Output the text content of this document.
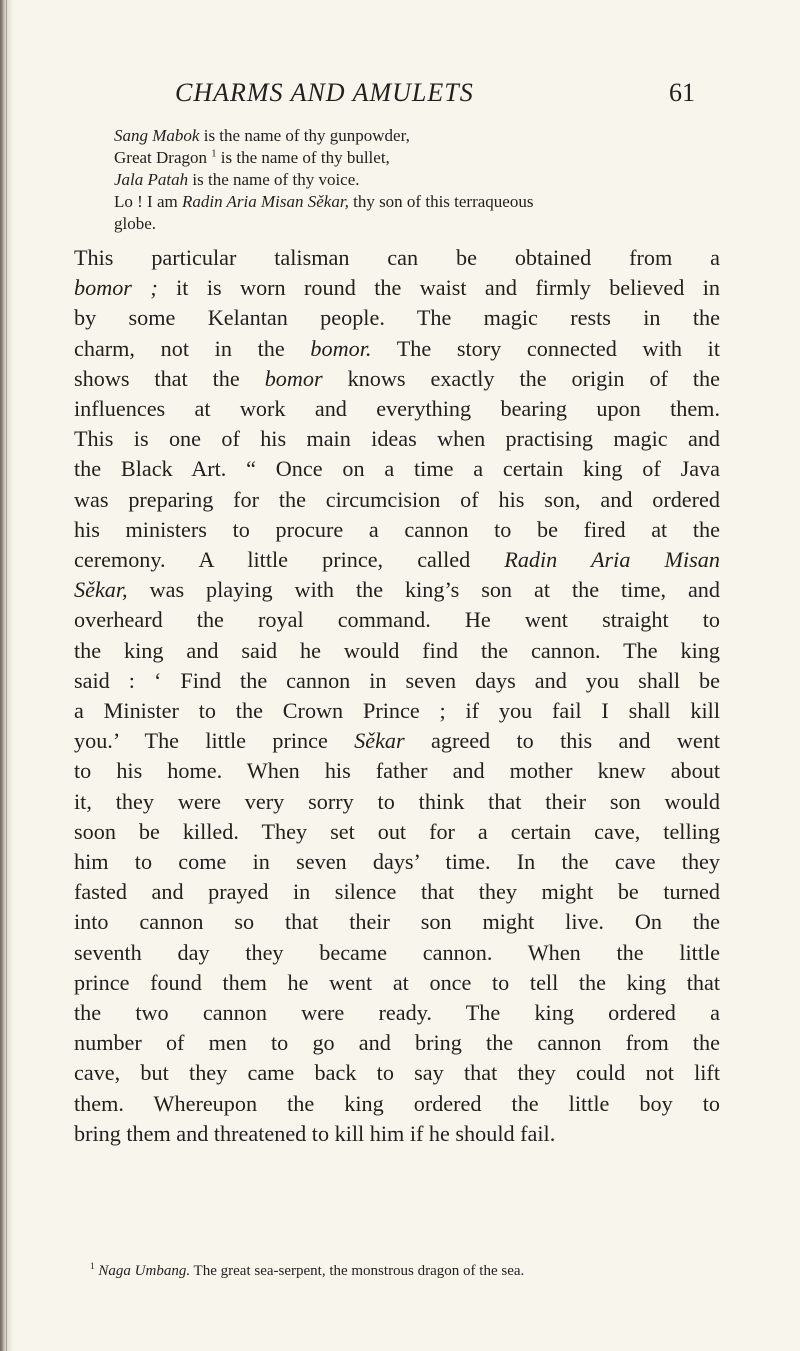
CHARMS AND AMULETS	61
Sang Mabok is the name of thy gunpowder,
Great Dragon $^1$ is the name of thy bullet,
Jala Patah is the name of thy voice.
Lo ! I am Radin Aria Misan Sěkar, thy son of this terraqueous
globe.

This particular talisman can be obtained from a
bomor ; it is worn round the waist and firmly believed in
by some Kelantan people. The magic rests in the
charm, not in the bomor. The story connected with it
shows that the bomor knows exactly the origin of the
influences at work and everything bearing upon them.
This is one of his main ideas when practising magic and
the Black Art. “ Once on a time a certain king of Java
was preparing for the circumcision of his son, and ordered
his ministers to procure a cannon to be fired at the
ceremony. A little prince, called Radin Aria Misan
Sěkar, was playing with the king’s son at the time, and
overheard the royal command. He went straight to
the king and said he would find the cannon. The king
said : ‘ Find the cannon in seven days and you shall be
a Minister to the Crown Prince ; if you fail I shall kill
you.’ The little prince Sěkar agreed to this and went
to his home. When his father and mother knew about
it, they were very sorry to think that their son would
soon be killed. They set out for a certain cave, telling
him to come in seven days’ time. In the cave they
fasted and prayed in silence that they might be turned
into cannon so that their son might live. On the
seventh day they became cannon. When the little
prince found them he went at once to tell the king that
the two cannon were ready. The king ordered a
number of men to go and bring the cannon from the
cave, but they came back to say that they could not lift
them. Whereupon the king ordered the little boy to
bring them and threatened to kill him if he should fail.

$^1$ Naga Umbang. The great sea-serpent, the monstrous dragon of the sea.
